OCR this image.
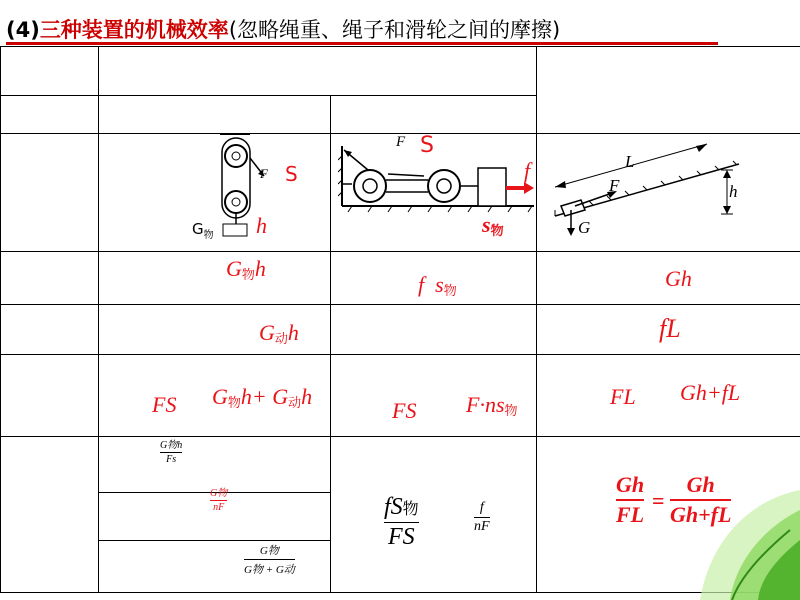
(4)三种装置的机械效率(忽略绳重、绳子和滑轮之间的摩擦)
F S
$G_物$ h
F S
f
$s_物$
L
F	h
G
$G_物h$
f $s_物$
Gh
$G_动h$	fL
FS $G_物h+ G_动h$
FS $F\cdot ns_物$
FL Gh+fL
G物h
Fs
G物
nF
G物
G物 + G动
fS物
FS
f
nF
Gh
FL
=
Gh
Gh+fL
